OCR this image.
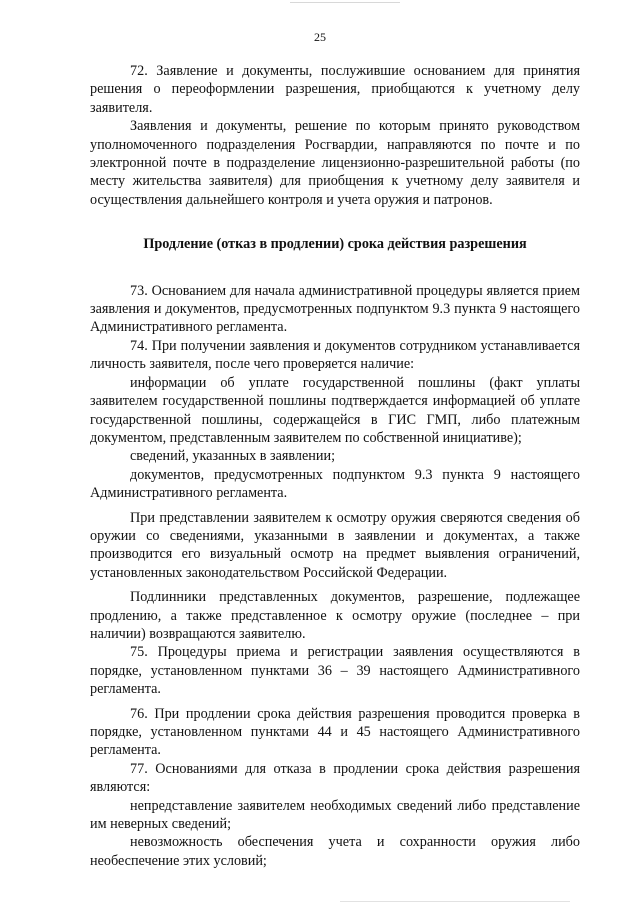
25

72. Заявление и документы, послужившие основанием для принятия решения о переоформлении разрешения, приобщаются к учетному делу заявителя.

Заявления и документы, решение по которым принято руководством уполномоченного подразделения Росгвардии, направляются по почте и по электронной почте в подразделение лицензионно-разрешительной работы (по месту жительства заявителя) для приобщения к учетному делу заявителя и осуществления дальнейшего контроля и учета оружия и патронов.

Продление (отказ в продлении) срока действия разрешения

73. Основанием для начала административной процедуры является прием заявления и документов, предусмотренных подпунктом 9.3 пункта 9 настоящего Административного регламента.

74. При получении заявления и документов сотрудником устанавливается личность заявителя, после чего проверяется наличие:

информации об уплате государственной пошлины (факт уплаты заявителем государственной пошлины подтверждается информацией об уплате государственной пошлины, содержащейся в ГИС ГМП, либо платежным документом, представленным заявителем по собственной инициативе);

сведений, указанных в заявлении;

документов, предусмотренных подпунктом 9.3 пункта 9 настоящего Административного регламента.

При представлении заявителем к осмотру оружия сверяются сведения об оружии со сведениями, указанными в заявлении и документах, а также производится его визуальный осмотр на предмет выявления ограничений, установленных законодательством Российской Федерации.

Подлинники представленных документов, разрешение, подлежащее продлению, а также представленное к осмотру оружие (последнее – при наличии) возвращаются заявителю.

75. Процедуры приема и регистрации заявления осуществляются в порядке, установленном пунктами 36 – 39 настоящего Административного регламента.

76. При продлении срока действия разрешения проводится проверка в порядке, установленном пунктами 44 и 45 настоящего Административного регламента.

77. Основаниями для отказа в продлении срока действия разрешения являются:

непредставление заявителем необходимых сведений либо представление им неверных сведений;

невозможность обеспечения учета и сохранности оружия либо необеспечение этих условий;
